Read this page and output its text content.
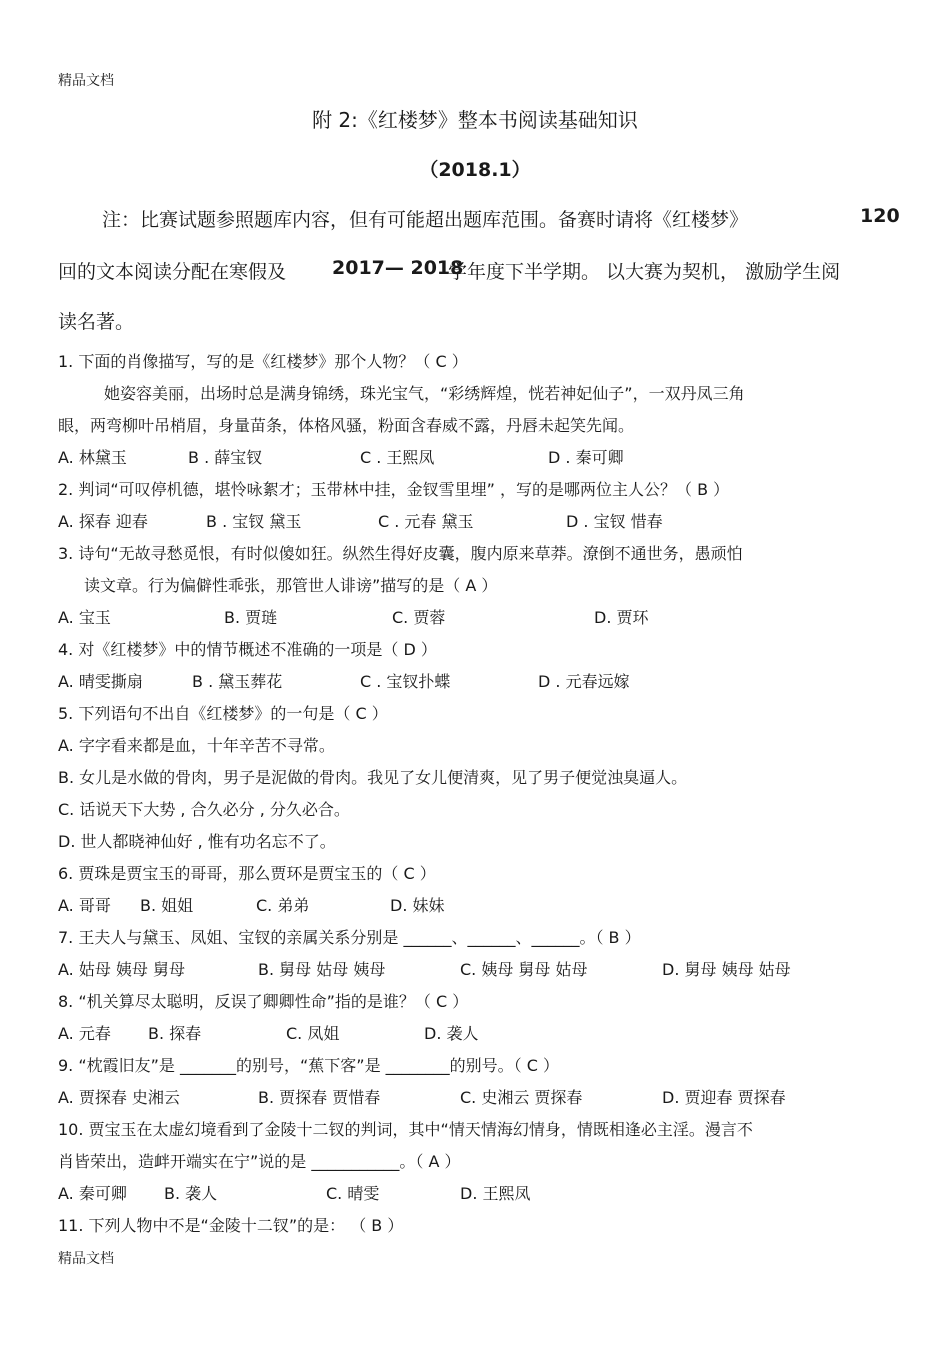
精品文档
附 2:《红楼梦》整本书阅读基础知识
（2018.1）
注：比赛试题参照题库内容，但有可能超出题库范围。备赛时请将《红楼梦》	120
回的文本阅读分配在寒假及 2017— 2018
学年度下半学期。 以大赛为契机， 激励学生阅
读名著。
1. 下面的肖像描写，写的是《红楼梦》那个人物？（ C ）
她姿容美丽，出场时总是满身锦绣，珠光宝气，“彩绣辉煌，恍若神妃仙子”，一双丹凤三角
眼，两弯柳叶吊梢眉，身量苗条，体格风骚，粉面含春威不露，丹唇未起笑先闻。
A. 林黛玉	B . 薛宝钗	C . 王熙凤	D . 秦可卿
2. 判词“可叹停机德，堪怜咏絮才；玉带林中挂，金钗雪里埋” ，写的是哪两位主人公？（ B ）
A. 探春 迎春	B . 宝钗 黛玉	C . 元春 黛玉	D . 宝钗 惜春
3. 诗句“无故寻愁觅恨，有时似傻如狂。纵然生得好皮囊，腹内原来草莽。潦倒不通世务，愚顽怕
读文章。行为偏僻性乖张，那管世人诽谤”描写的是（ A ）
A. 宝玉	B. 贾琏	C. 贾蓉	D. 贾环
4. 对《红楼梦》中的情节概述不准确的一项是（ D ）
A. 晴雯撕扇	B . 黛玉葬花	C . 宝钗扑蝶	D . 元春远嫁
5. 下列语句不出自《红楼梦》的一句是（ C ）
A. 字字看来都是血，十年辛苦不寻常。
B. 女儿是水做的骨肉，男子是泥做的骨肉。我见了女儿便清爽，见了男子便觉浊臭逼人。
C. 话说天下大势 , 合久必分 , 分久必合。
D. 世人都晓神仙好 , 惟有功名忘不了。
6. 贾珠是贾宝玉的哥哥，那么贾环是贾宝玉的（ C ）
A. 哥哥 B. 姐姐	C. 弟弟	D. 妹妹
7. 王夫人与黛玉、凤姐、宝钗的亲属关系分别是 ______、______、______。（ B ）
A. 姑母 姨母 舅母	B. 舅母 姑母 姨母	C. 姨母 舅母 姑母	D. 舅母 姨母 姑母
8. “机关算尽太聪明，反误了卿卿性命”指的是谁？（ C ）
A. 元春 B. 探春	C. 凤姐	D. 袭人
9. “枕霞旧友”是 _______的别号，“蕉下客”是 ________的别号。（ C ）
A. 贾探春 史湘云	B. 贾探春 贾惜春	C. 史湘云 贾探春	D. 贾迎春 贾探春
10. 贾宝玉在太虚幻境看到了金陵十二钗的判词，其中“情天情海幻情身，情既相逢必主淫。漫言不
肖皆荣出，造衅开端实在宁”说的是 ___________。（ A ）
A. 秦可卿 B. 袭人	C. 晴雯	D. 王熙凤
11. 下列人物中不是“金陵十二钗”的是： （ B ）
精品文档
